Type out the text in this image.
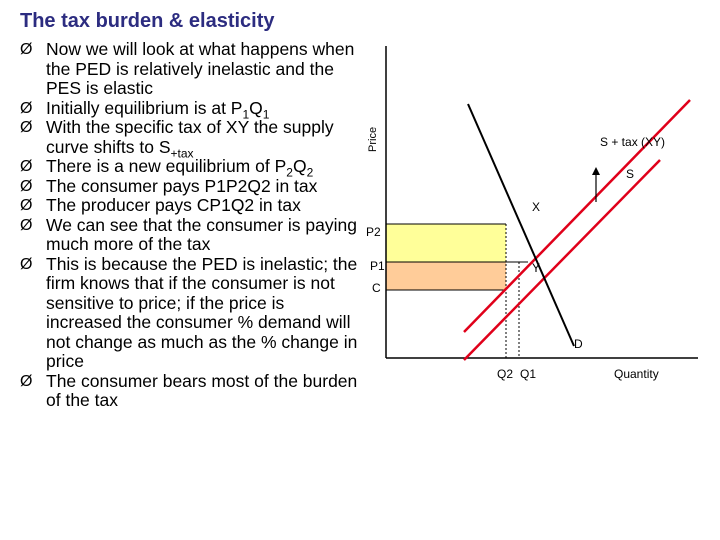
The tax burden & elasticity
Ø Now we will look at what happens when the PED is relatively inelastic and the PES is elastic
Ø Initially equilibrium is at $P_1Q_1$
Ø With the specific tax of XY the supply curve shifts to $S_{+tax}$
Ø There is a new equilibrium of $P_2Q_2$
Ø The consumer pays P1P2Q2 in tax
Ø The producer pays CP1Q2 in tax
Ø We can see that the consumer is paying much more of the tax
Ø This is because the PED is inelastic; the firm knows that if the consumer is not sensitive to price; if the price is increased the consumer % demand will not change as much as the % change in price
Ø The consumer bears most of the burden of the tax
Price
Quantity
P2
P1
C
Q2 Q1
S + tax (XY)
S
D
X
Y
